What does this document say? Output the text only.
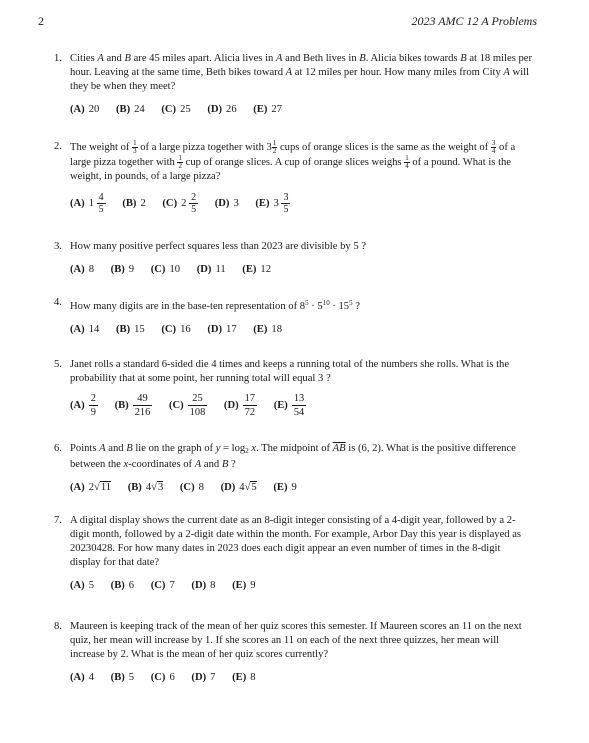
2	2023 AMC 12 A Problems
1. Cities A and B are 45 miles apart. Alicia lives in A and Beth lives in B. Alicia bikes towards B at 18 miles per hour. Leaving at the same time, Beth bikes toward A at 12 miles per hour. How many miles from City A will they be when they meet?
(A) 20 (B) 24 (C) 25 (D) 26 (E) 27
2. The weight of $\frac{1}{3}$ of a large pizza together with $3 \frac{1}{2}$ cups of orange slices is the same as the weight of $\frac{3}{4}$ of a large pizza together with $\frac{1}{2}$ cup of orange slices. A cup of orange slices weighs $\frac{1}{4}$ of a pound. What is the weight, in pounds, of a large pizza?
(A) $1 \frac{4}{5} (B)$ 2 (C) $2 \frac{2}{5} (D)$ 3 (E) $3 \frac{3}{5}$
3. How many positive perfect squares less than 2023 are divisible by 5 ?
(A) 8 (B) 9 (C) 10 (D) 11 (E) 12
4. How many digits are in the base-ten representation of $8^5 \cdot 5^{10} \cdot 15^5$ ?
(A) 14 (B) 15 (C) 16 (D) 17 (E) 18
5. Janet rolls a standard 6-sided die 4 times and keeps a running total of the numbers she rolls. What is the probability that at some point, her running total will equal 3 ?
$(A) \frac{2}{9} (B) \frac{49}{216} (C) \frac{25}{108} (D) \frac{17}{72} (E) \frac{13}{54}$
6. Points A and B lie on the graph of $y = \log_2 x$. The midpoint of $\overline{AB}$ is (6, 2). What is the positive difference between the x-coordinates of A and B ?
(A) 2√11 (B) 4√3 (C) 8 (D) 4√5 (E) 9
7. A digital display shows the current date as an 8-digit integer consisting of a 4-digit year, followed by a 2-digit month, followed by a 2-digit date within the month. For example, Arbor Day this year is displayed as 20230428. For how many dates in 2023 does each digit appear an even number of times in the 8-digit display for that date?
(A) 5 (B) 6 (C) 7 (D) 8 (E) 9
8. Maureen is keeping track of the mean of her quiz scores this semester. If Maureen scores an 11 on the next quiz, her mean will increase by 1. If she scores an 11 on each of the next three quizzes, her mean will increase by 2. What is the mean of her quiz scores currently?
(A) 4 (B) 5 (C) 6 (D) 7 (E) 8
